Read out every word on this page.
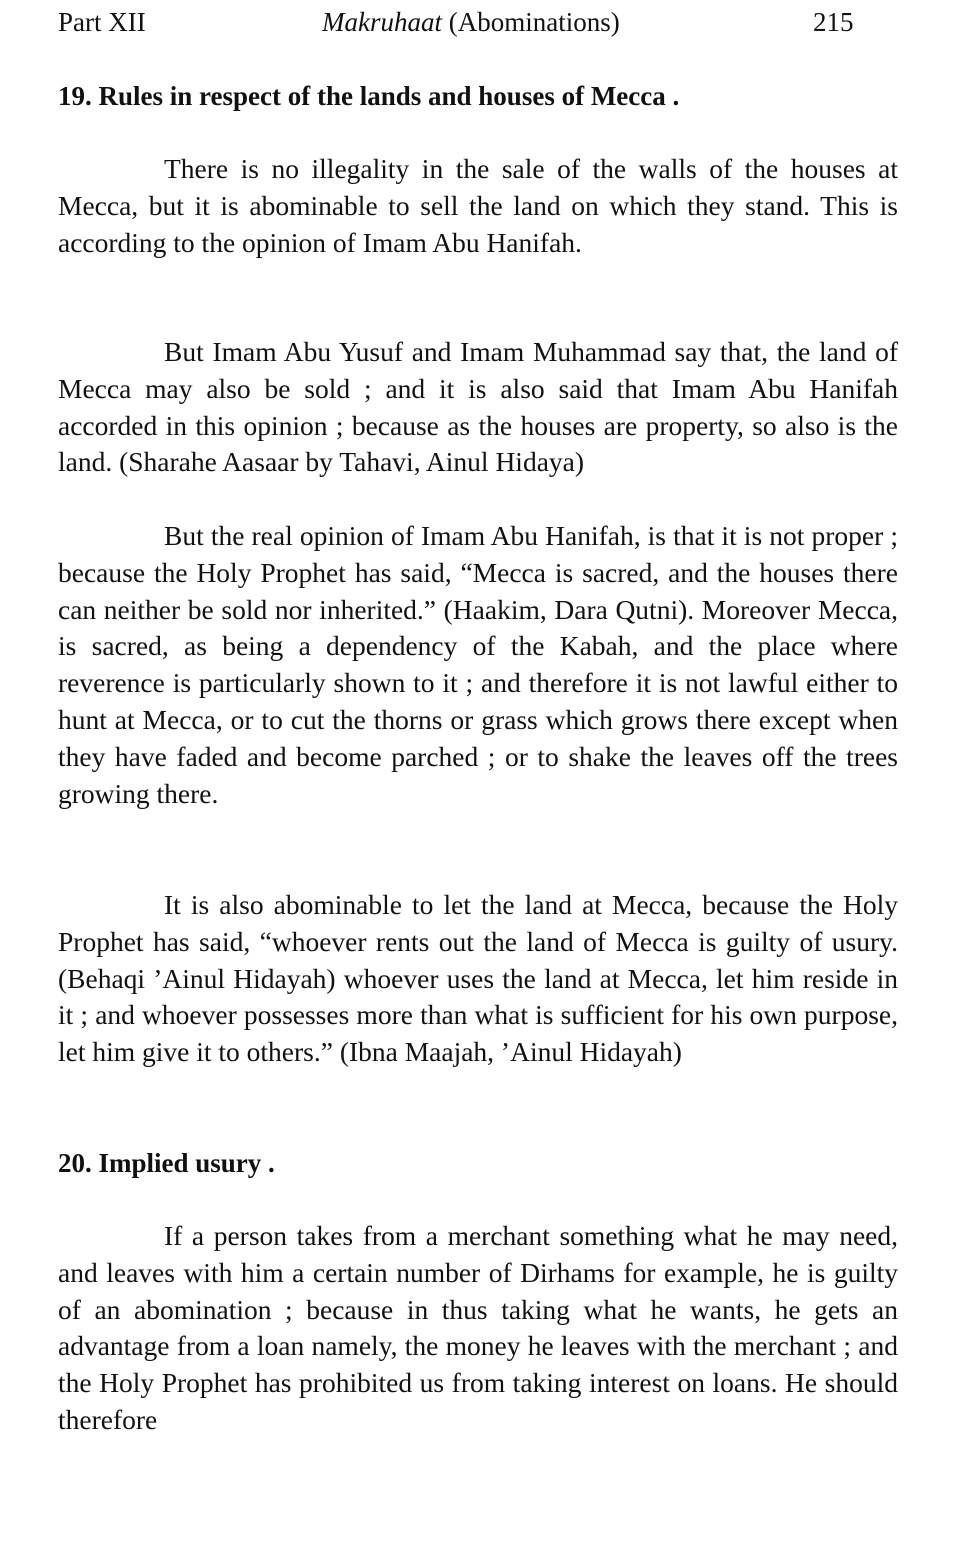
Part XII	Makruhaat (Abominations)	215
19. Rules in respect of the lands and houses of Mecca .

There is no illegality in the sale of the walls of the houses at Mecca, but it is abominable to sell the land on which they stand. This is according to the opinion of Imam Abu Hanifah.

But Imam Abu Yusuf and Imam Muhammad say that, the land of Mecca may also be sold ; and it is also said that Imam Abu Hanifah accorded in this opinion ; because as the houses are property, so also is the land. (Sharahe Aasaar by Tahavi, Ainul Hidaya)

But the real opinion of Imam Abu Hanifah, is that it is not proper ; because the Holy Prophet has said, “Mecca is sacred, and the houses there can neither be sold nor inherited.” (Haakim, Dara Qutni). Moreover Mecca, is sacred, as being a dependency of the Kabah, and the place where reverence is particularly shown to it ; and therefore it is not lawful either to hunt at Mecca, or to cut the thorns or grass which grows there except when they have faded and become parched ; or to shake the leaves off the trees growing there.

It is also abominable to let the land at Mecca, because the Holy Prophet has said, “whoever rents out the land of Mecca is guilty of usury. (Behaqi ’Ainul Hidayah) whoever uses the land at Mecca, let him reside in it ; and whoever possesses more than what is sufficient for his own purpose, let him give it to others.” (Ibna Maajah, ’Ainul Hidayah)

20. Implied usury .

If a person takes from a merchant something what he may need, and leaves with him a certain number of Dirhams for example, he is guilty of an abomination ; because in thus taking what he wants, he gets an advantage from a loan namely, the money he leaves with the merchant ; and the Holy Prophet has prohibited us from taking interest on loans. He should therefore
